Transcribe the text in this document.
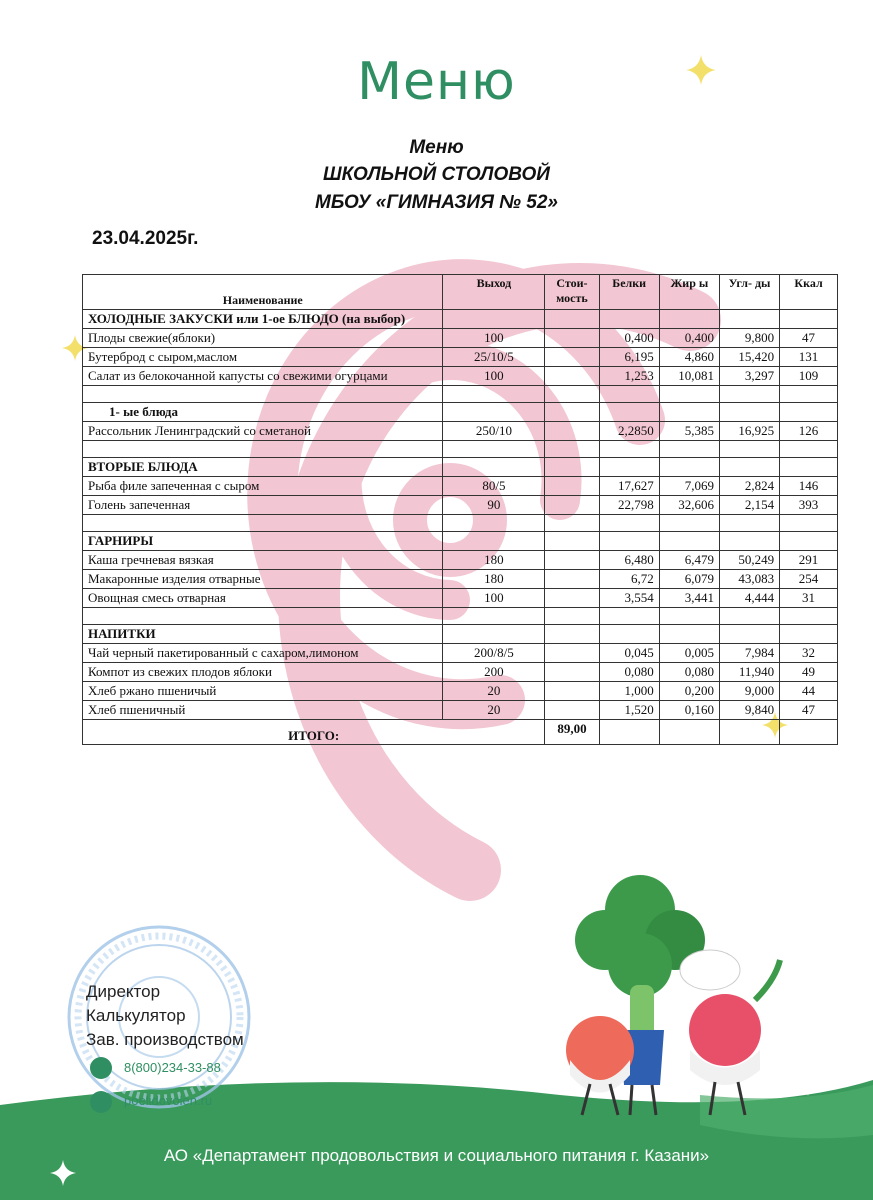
Меню
Меню
ШКОЛЬНОЙ СТОЛОВОЙ
МБОУ «ГИМНАЗИЯ № 52»
23.04.2025г.
Наименование	Выход	Стои-мость	Белки	Жир ы	Угл- ды	Ккал
ХОЛОДНЫЕ ЗАКУСКИ или 1-ое БЛЮДО (на выбор)						
Плоды свежие(яблоки)	100		0,400	0,400	9,800	47
Бутерброд с сыром,маслом	25/10/5		6,195	4,860	15,420	131
Салат из белокочанной капусты со свежими огурцами	100		1,253	10,081	3,297	109

1- ые блюда						
Рассольник Ленинградский со сметаной	250/10		2,2850	5,385	16,925	126

ВТОРЫЕ БЛЮДА						
Рыба филе запеченная с сыром	80/5		17,627	7,069	2,824	146
Голень запеченная	90		22,798	32,606	2,154	393

ГАРНИРЫ						
Каша гречневая вязкая	180		6,480	6,479	50,249	291
Макаронные изделия отварные	180		6,72	6,079	43,083	254
Овощная смесь отварная	100		3,554	3,441	4,444	31

НАПИТКИ						
Чай черный пакетированный с сахаром,лимоном	200/8/5		0,045	0,005	7,984	32
Компот из свежих плодов яблоки	200		0,080	0,080	11,940	49
Хлеб ржано пшеничый	20		1,000	0,200	9,000	44
Хлеб пшеничный	20		1,520	0,160	9,840	47
ИТОГО:		89,00				
Директор
Калькулятор
Зав. производством
8(800)234-33-88
poelidovolen.ru
АО «Департамент продовольствия и социального питания г. Казани»
